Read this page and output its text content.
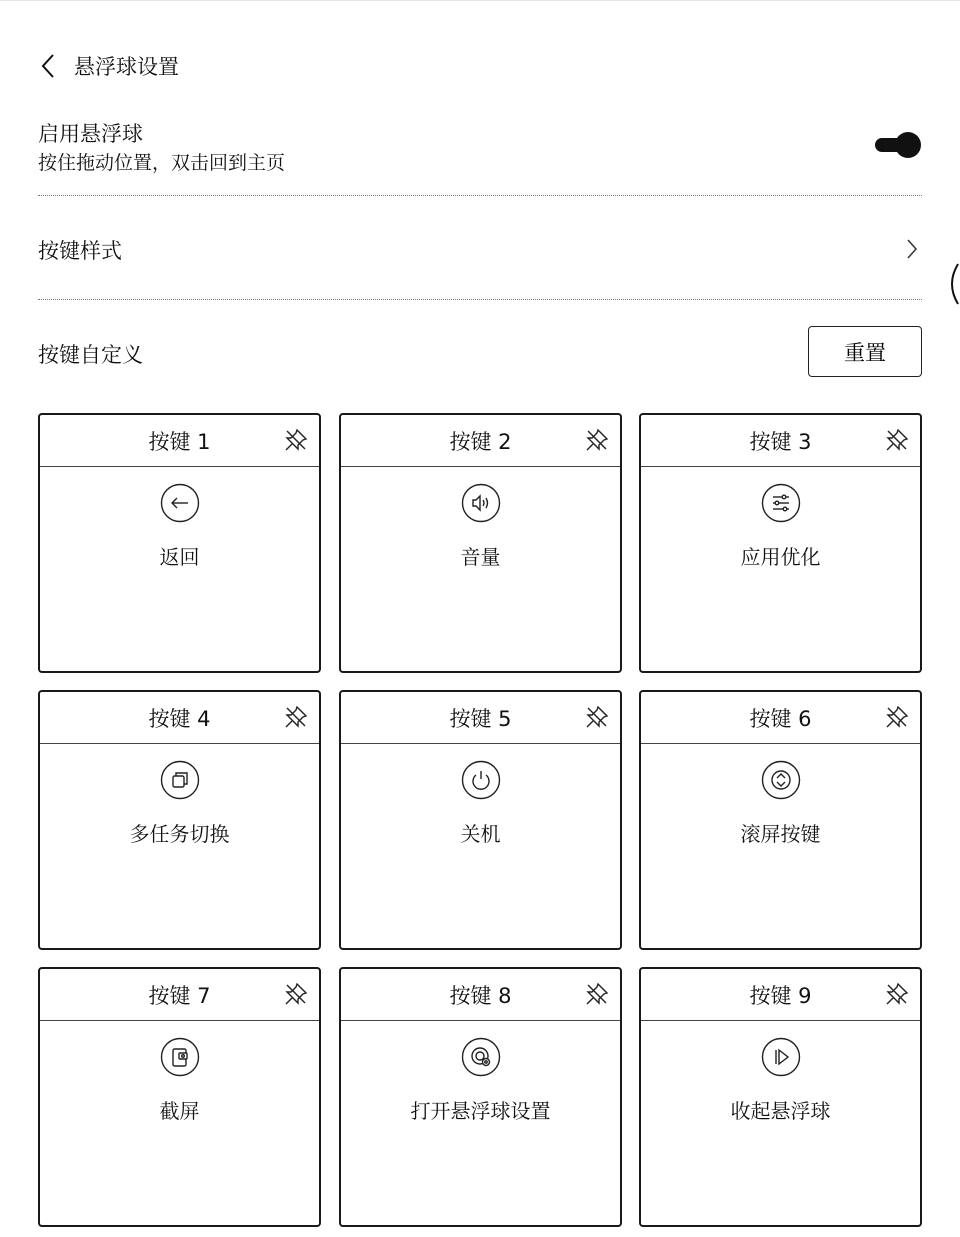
悬浮球设置
启用悬浮球
按住拖动位置，双击回到主页
按键样式
按键自定义	重置
按键 1
返回
按键 2
音量
按键 3
应用优化
按键 4
多任务切换
按键 5
关机
按键 6
滚屏按键
按键 7
截屏
按键 8
打开悬浮球设置
按键 9
收起悬浮球
